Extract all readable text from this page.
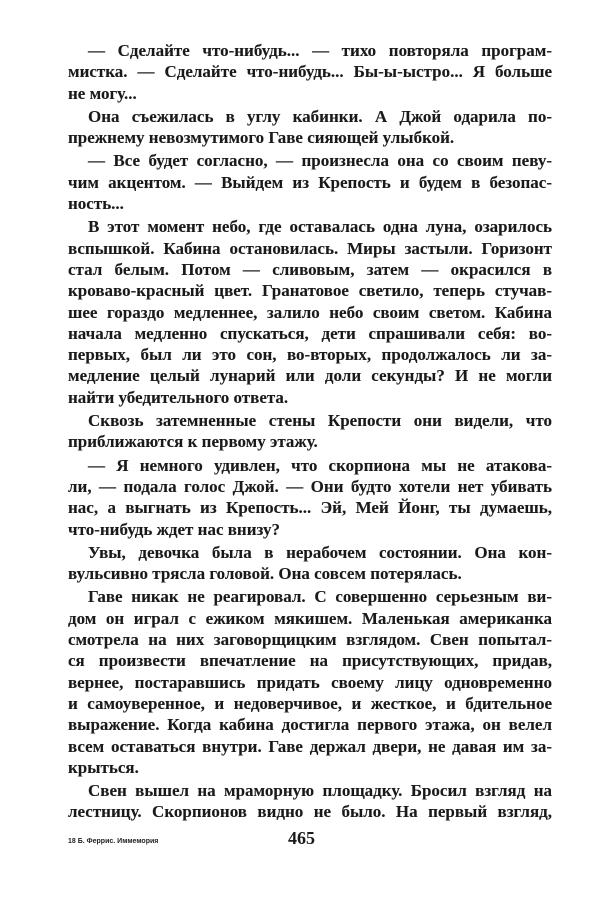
— Сделайте что-нибудь... — тихо повторяла програм-
мистка. — Сделайте что-нибудь... Бы-ы-ыстро... Я больше
не могу...
Она съежилась в углу кабинки. А Джой одарила по-
прежнему невозмутимого Гаве сияющей улыбкой.
— Все будет согласно, — произнесла она со своим певу-
чим акцентом. — Выйдем из Крепость и будем в безопас-
ность...
В этот момент небо, где оставалась одна луна, озарилось
вспышкой. Кабина остановилась. Миры застыли. Горизонт
стал белым. Потом — сливовым, затем — окрасился в
кроваво-красный цвет. Гранатовое светило, теперь стучав-
шее гораздо медленнее, залило небо своим светом. Кабина
начала медленно спускаться, дети спрашивали себя: во-
первых, был ли это сон, во-вторых, продолжалось ли за-
медление целый лунарий или доли секунды? И не могли
найти убедительного ответа.
Сквозь затемненные стены Крепости они видели, что
приближаются к первому этажу.
— Я немного удивлен, что скорпиона мы не атакова-
ли, — подала голос Джой. — Они будто хотели нет убивать
нас, а выгнать из Крепость... Эй, Мей Йонг, ты думаешь,
что-нибудь ждет нас внизу?
Увы, девочка была в нерабочем состоянии. Она кон-
вульсивно трясла головой. Она совсем потерялась.
Гаве никак не реагировал. С совершенно серьезным ви-
дом он играл с ежиком мякишем. Маленькая американка
смотрела на них заговорщицким взглядом. Свен попытал-
ся произвести впечатление на присутствующих, придав,
вернее, постаравшись придать своему лицу одновременно
и самоуверенное, и недоверчивое, и жесткое, и бдительное
выражение. Когда кабина достигла первого этажа, он велел
всем оставаться внутри. Гаве держал двери, не давая им за-
крыться.
Свен вышел на мраморную площадку. Бросил взгляд на
лестницу. Скорпионов видно не было. На первый взгляд,
18 Б. Феррис. Иммемория	465
